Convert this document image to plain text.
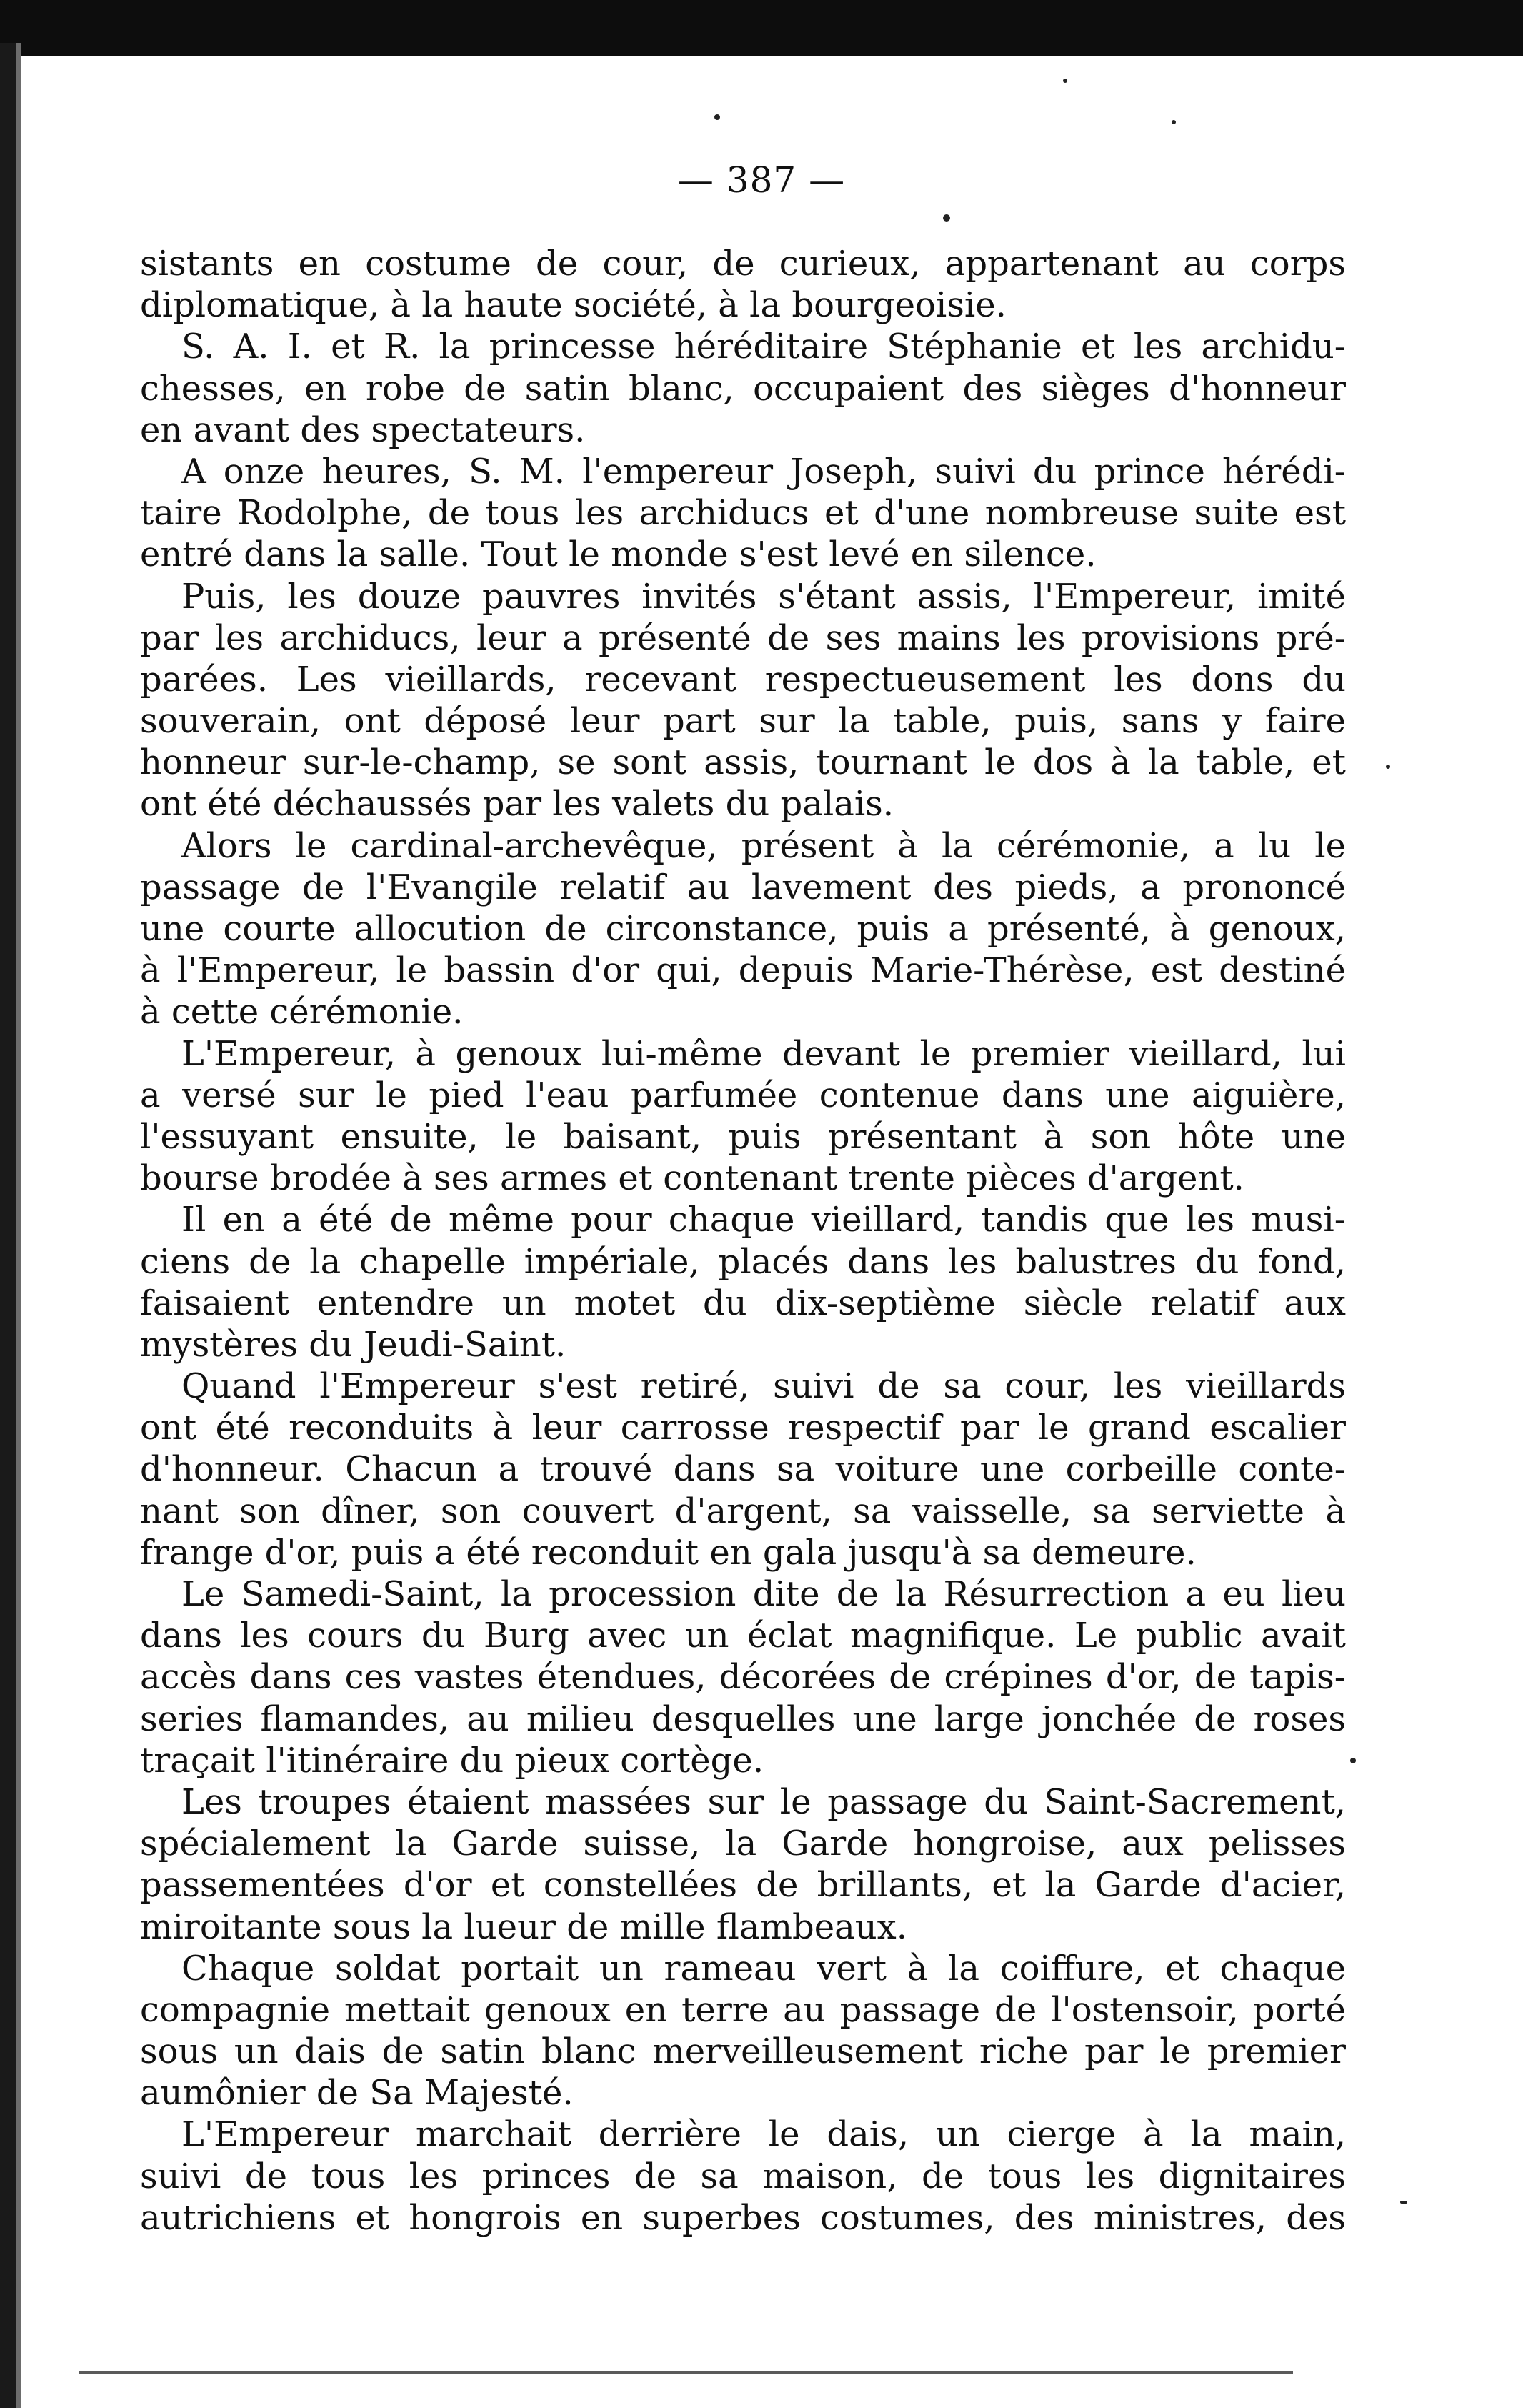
— 387 —
sistants en costume de cour, de curieux, appartenant au corps
diplomatique, à la haute société, à la bourgeoisie.
S. A. I. et R. la princesse héréditaire Stéphanie et les archidu-
chesses, en robe de satin blanc, occupaient des sièges d'honneur
en avant des spectateurs.
A onze heures, S. M. l'empereur Joseph, suivi du prince hérédi-
taire Rodolphe, de tous les archiducs et d'une nombreuse suite est
entré dans la salle. Tout le monde s'est levé en silence.
Puis, les douze pauvres invités s'étant assis, l'Empereur, imité
par les archiducs, leur a présenté de ses mains les provisions pré-
parées. Les vieillards, recevant respectueusement les dons du
souverain, ont déposé leur part sur la table, puis, sans y faire
honneur sur-le-champ, se sont assis, tournant le dos à la table, et
ont été déchaussés par les valets du palais.
Alors le cardinal-archevêque, présent à la cérémonie, a lu le
passage de l'Evangile relatif au lavement des pieds, a prononcé
une courte allocution de circonstance, puis a présenté, à genoux,
à l'Empereur, le bassin d'or qui, depuis Marie-Thérèse, est destiné
à cette cérémonie.
L'Empereur, à genoux lui-même devant le premier vieillard, lui
a versé sur le pied l'eau parfumée contenue dans une aiguière,
l'essuyant ensuite, le baisant, puis présentant à son hôte une
bourse brodée à ses armes et contenant trente pièces d'argent.
Il en a été de même pour chaque vieillard, tandis que les musi-
ciens de la chapelle impériale, placés dans les balustres du fond,
faisaient entendre un motet du dix-septième siècle relatif aux
mystères du Jeudi-Saint.
Quand l'Empereur s'est retiré, suivi de sa cour, les vieillards
ont été reconduits à leur carrosse respectif par le grand escalier
d'honneur. Chacun a trouvé dans sa voiture une corbeille conte-
nant son dîner, son couvert d'argent, sa vaisselle, sa serviette à
frange d'or, puis a été reconduit en gala jusqu'à sa demeure.
Le Samedi-Saint, la procession dite de la Résurrection a eu lieu
dans les cours du Burg avec un éclat magnifique. Le public avait
accès dans ces vastes étendues, décorées de crépines d'or, de tapis-
series flamandes, au milieu desquelles une large jonchée de roses
traçait l'itinéraire du pieux cortège.
Les troupes étaient massées sur le passage du Saint-Sacrement,
spécialement la Garde suisse, la Garde hongroise, aux pelisses
passementées d'or et constellées de brillants, et la Garde d'acier,
miroitante sous la lueur de mille flambeaux.
Chaque soldat portait un rameau vert à la coiffure, et chaque
compagnie mettait genoux en terre au passage de l'ostensoir, porté
sous un dais de satin blanc merveilleusement riche par le premier
aumônier de Sa Majesté.
L'Empereur marchait derrière le dais, un cierge à la main,
suivi de tous les princes de sa maison, de tous les dignitaires
autrichiens et hongrois en superbes costumes, des ministres, des
